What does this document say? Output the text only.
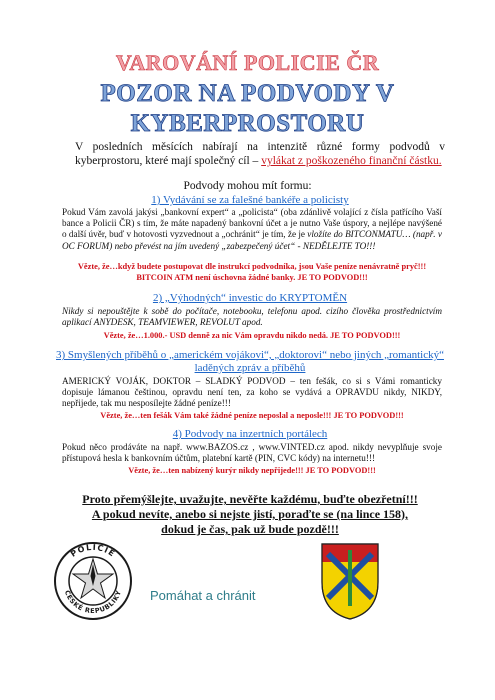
VAROVÁNÍ POLICIE ČR
POZOR NA PODVODY V
KYBERPROSTORU
V posledních měsících nabírají na intenzitě různé formy podvodů v kyberprostoru, které mají společný cíl – vylákat z poškozeného finanční částku.
Podvody mohou mít formu:
1) Vydávání se za falešné bankéře a policisty
Pokud Vám zavolá jakýsi „bankovní expert“ a „policista“ (oba zdánlivě volající z čísla patřícího Vaší bance a Policii ČR) s tím, že máte napadený bankovní účet a je nutno Vaše úspory, a nejlépe navýšené o další úvěr, buď v hotovosti vyzvednout a „ochránit“ je tím, že je vložíte do BITCONMATU… (např. v OC FORUM) nebo převést na jím uvedený „zabezpečený účet“ - NEDĚLEJTE TO!!!
Vězte, že…když budete postupovat dle instrukcí podvodníka, jsou Vaše peníze nenávratně pryč!!! BITCOIN ATM není úschovna žádné banky. JE TO PODVOD!!!
2) „Výhodných“ investic do KRYPTOMĚN
Nikdy si nepouštějte k sobě do počítače, notebooku, telefonu apod. cizího člověka prostřednictvím aplikací ANYDESK, TEAMVIEWER, REVOLUT apod.
Vězte, že…1.000.- USD denně za nic Vám opravdu nikdo nedá. JE TO PODVOD!!!
3) Smyšlených příběhů o „americkém vojákovi“, „doktorovi“ nebo jiných „romantický“ laděných zpráv a příběhů
AMERICKÝ VOJÁK, DOKTOR – SLADKÝ PODVOD – ten fešák, co si s Vámi romanticky dopisuje lámanou češtinou, opravdu není ten, za koho se vydává a OPRAVDU nikdy, NIKDY, nepřijede, tak mu nesposílejte žádné peníze!!!
Vězte, že…ten fešák Vám také žádné peníze neposlal a neposle!!! JE TO PODVOD!!!
4) Podvody na inzertních portálech
Pokud něco prodáváte na např. www.BAZOS.cz , www.VINTED.cz apod. nikdy nevyplňuje svoje přístupová hesla k bankovním účtům, platební kartě (PIN, CVC kódy) na internetu!!!
Vězte, že…ten nabízený kurýr nikdy nepřijede!!! JE TO PODVOD!!!
Proto přemýšlejte, uvažujte, nevěřte každému, buďte obezřetní!!!
A pokud nevíte, anebo si nejste jistí, poraďte se (na lince 158),
dokud je čas, pak už bude pozdě!!!
POLICIE
ČESKÉ REPUBLIKY Pomáhat a chránit
